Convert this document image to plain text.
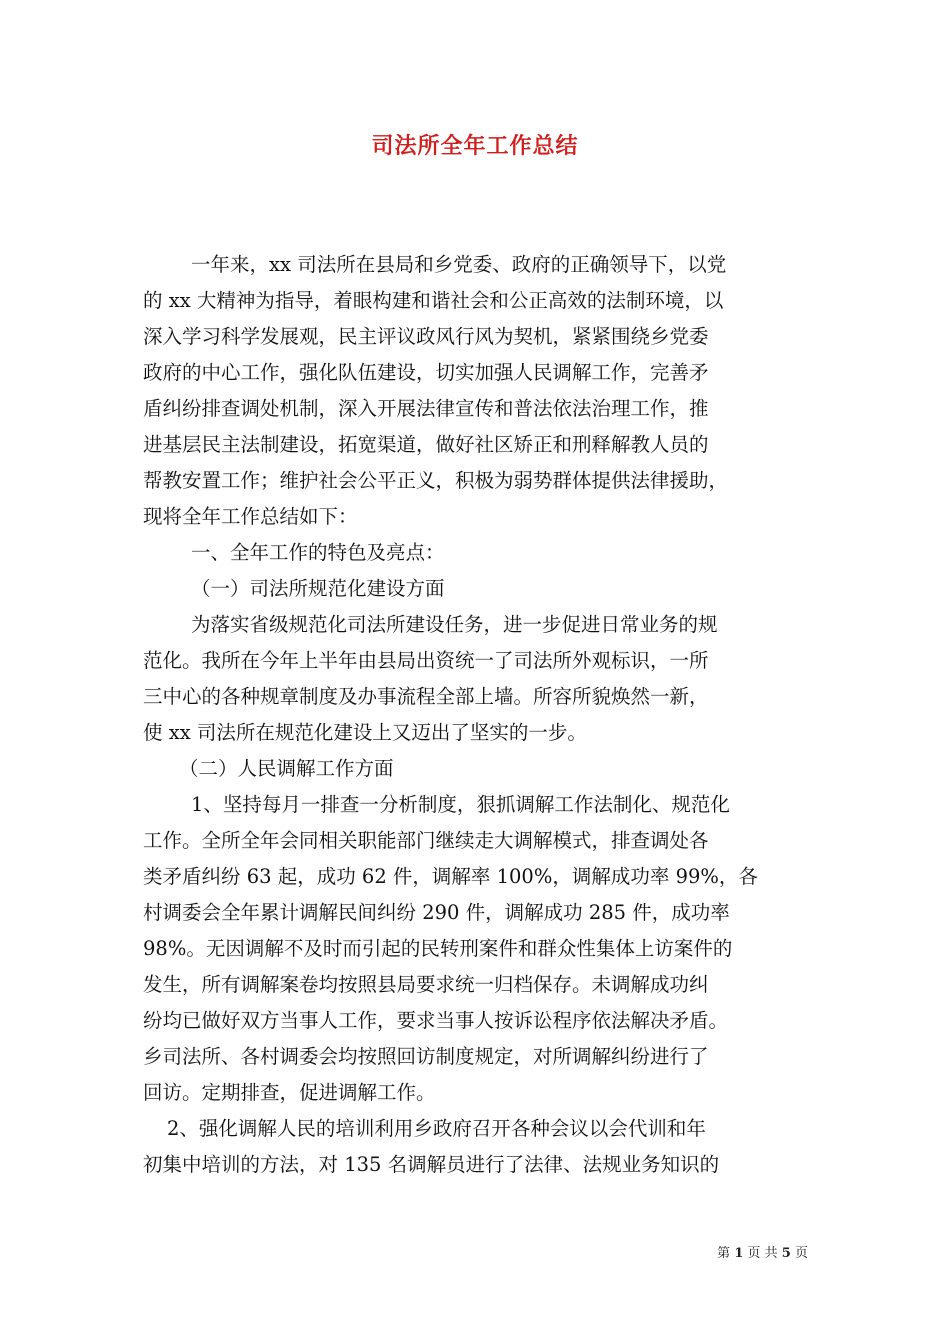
司法所全年工作总结
一年来，xx 司法所在县局和乡党委、政府的正确领导下，以党
的 xx 大精神为指导，着眼构建和谐社会和公正高效的法制环境，以
深入学习科学发展观，民主评议政风行风为契机，紧紧围绕乡党委
政府的中心工作，强化队伍建设，切实加强人民调解工作，完善矛
盾纠纷排查调处机制，深入开展法律宣传和普法依法治理工作，推
进基层民主法制建设，拓宽渠道，做好社区矫正和刑释解教人员的
帮教安置工作；维护社会公平正义，积极为弱势群体提供法律援助，
现将全年工作总结如下：
一、全年工作的特色及亮点：
（一）司法所规范化建设方面
为落实省级规范化司法所建设任务，进一步促进日常业务的规
范化。我所在今年上半年由县局出资统一了司法所外观标识，一所
三中心的各种规章制度及办事流程全部上墙。所容所貌焕然一新，
使 xx 司法所在规范化建设上又迈出了坚实的一步。
（二）人民调解工作方面
1、坚持每月一排查一分析制度，狠抓调解工作法制化、规范化
工作。全所全年会同相关职能部门继续走大调解模式，排查调处各
类矛盾纠纷 63 起，成功 62 件，调解率 100%，调解成功率 99%，各
村调委会全年累计调解民间纠纷 290 件，调解成功 285 件，成功率
98%。无因调解不及时而引起的民转刑案件和群众性集体上访案件的
发生，所有调解案卷均按照县局要求统一归档保存。未调解成功纠
纷均已做好双方当事人工作，要求当事人按诉讼程序依法解决矛盾。
乡司法所、各村调委会均按照回访制度规定，对所调解纠纷进行了
回访。定期排查，促进调解工作。
2、强化调解人民的培训利用乡政府召开各种会议以会代训和年
初集中培训的方法，对 135 名调解员进行了法律、法规业务知识的
第 1 页 共 5 页
